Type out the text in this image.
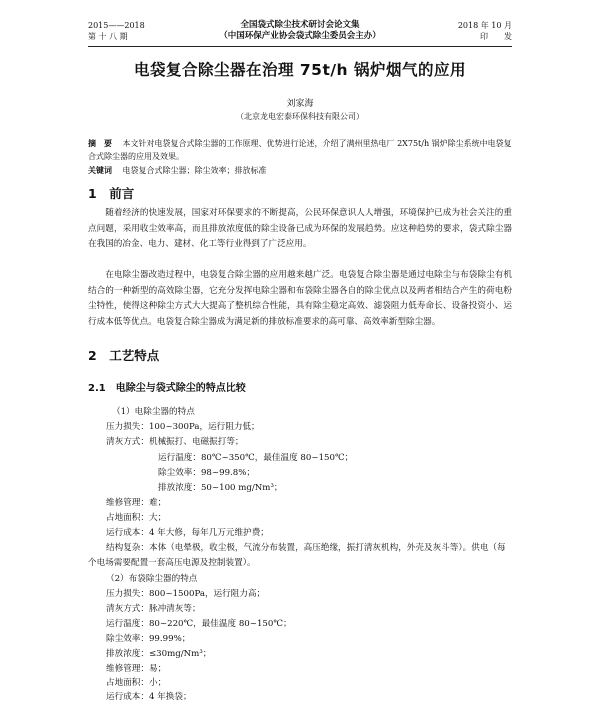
2015——2018
第 十 八 期
全国袋式除尘技术研讨会论文集
（中国环保产业协会袋式除尘委员会主办）
2018 年 10 月
印　　发
电袋复合除尘器在治理 75t/h 锅炉烟气的应用
刘家海
（北京龙电宏泰环保科技有限公司）
摘　要 　 本文针对电袋复合式除尘器的工作原理、优势进行论述，介绍了满州里热电厂 2X75t/h 锅炉除尘系统中电袋复合式除尘器的应用及效果。
关键词 　 电袋复合式除尘器；除尘效率；排放标准
1　前言
随着经济的快速发展，国家对环保要求的不断提高，公民环保意识人人增强，环境保护已成为社会关注的重点问题，采用收尘效率高，而且排放浓度低的除尘设备已成为环保的发展趋势。应这种趋势的要求，袋式除尘器在我国的冶金、电力、建材、化工等行业得到了广泛应用。
在电除尘器改造过程中，电袋复合除尘器的应用越来越广泛。电袋复合除尘器是通过电除尘与布袋除尘有机结合的一种新型的高效除尘器，它充分发挥电除尘器和布袋除尘器各自的除尘优点以及两者相结合产生的荷电粉尘特性，使得这种除尘方式大大提高了整机综合性能，具有除尘稳定高效、滤袋阻力低寿命长、设备投资小、运行成本低等优点。电袋复合除尘器成为满足新的排放标准要求的高可靠、高效率新型除尘器。
2　工艺特点
2.1　电除尘与袋式除尘的特点比较
（1）电除尘器的特点
压力损失：100~300Pa，运行阻力低；
清灰方式：机械振打、电磁振打等；
运行温度：80℃~350℃，最佳温度 80~150℃；
除尘效率：98~99.8%；
排放浓度：50~100 mg/Nm³；
维修管理：难；
占地面积：大；
运行成本：4 年大修，每年几万元维护费；
结构复杂：本体（电晕极，收尘极，气流分布装置，高压绝缘，振打清灰机构，外壳及灰斗等）。供电（每个电场需要配置一套高压电源及控制装置）。
（2）布袋除尘器的特点
压力损失：800~1500Pa，运行阻力高；
清灰方式：脉冲清灰等；
运行温度：80~220℃，最佳温度 80~150℃；
除尘效率：99.99%；
排放浓度：≤30mg/Nm³；
维修管理：易；
占地面积：小；
运行成本：4 年换袋；
